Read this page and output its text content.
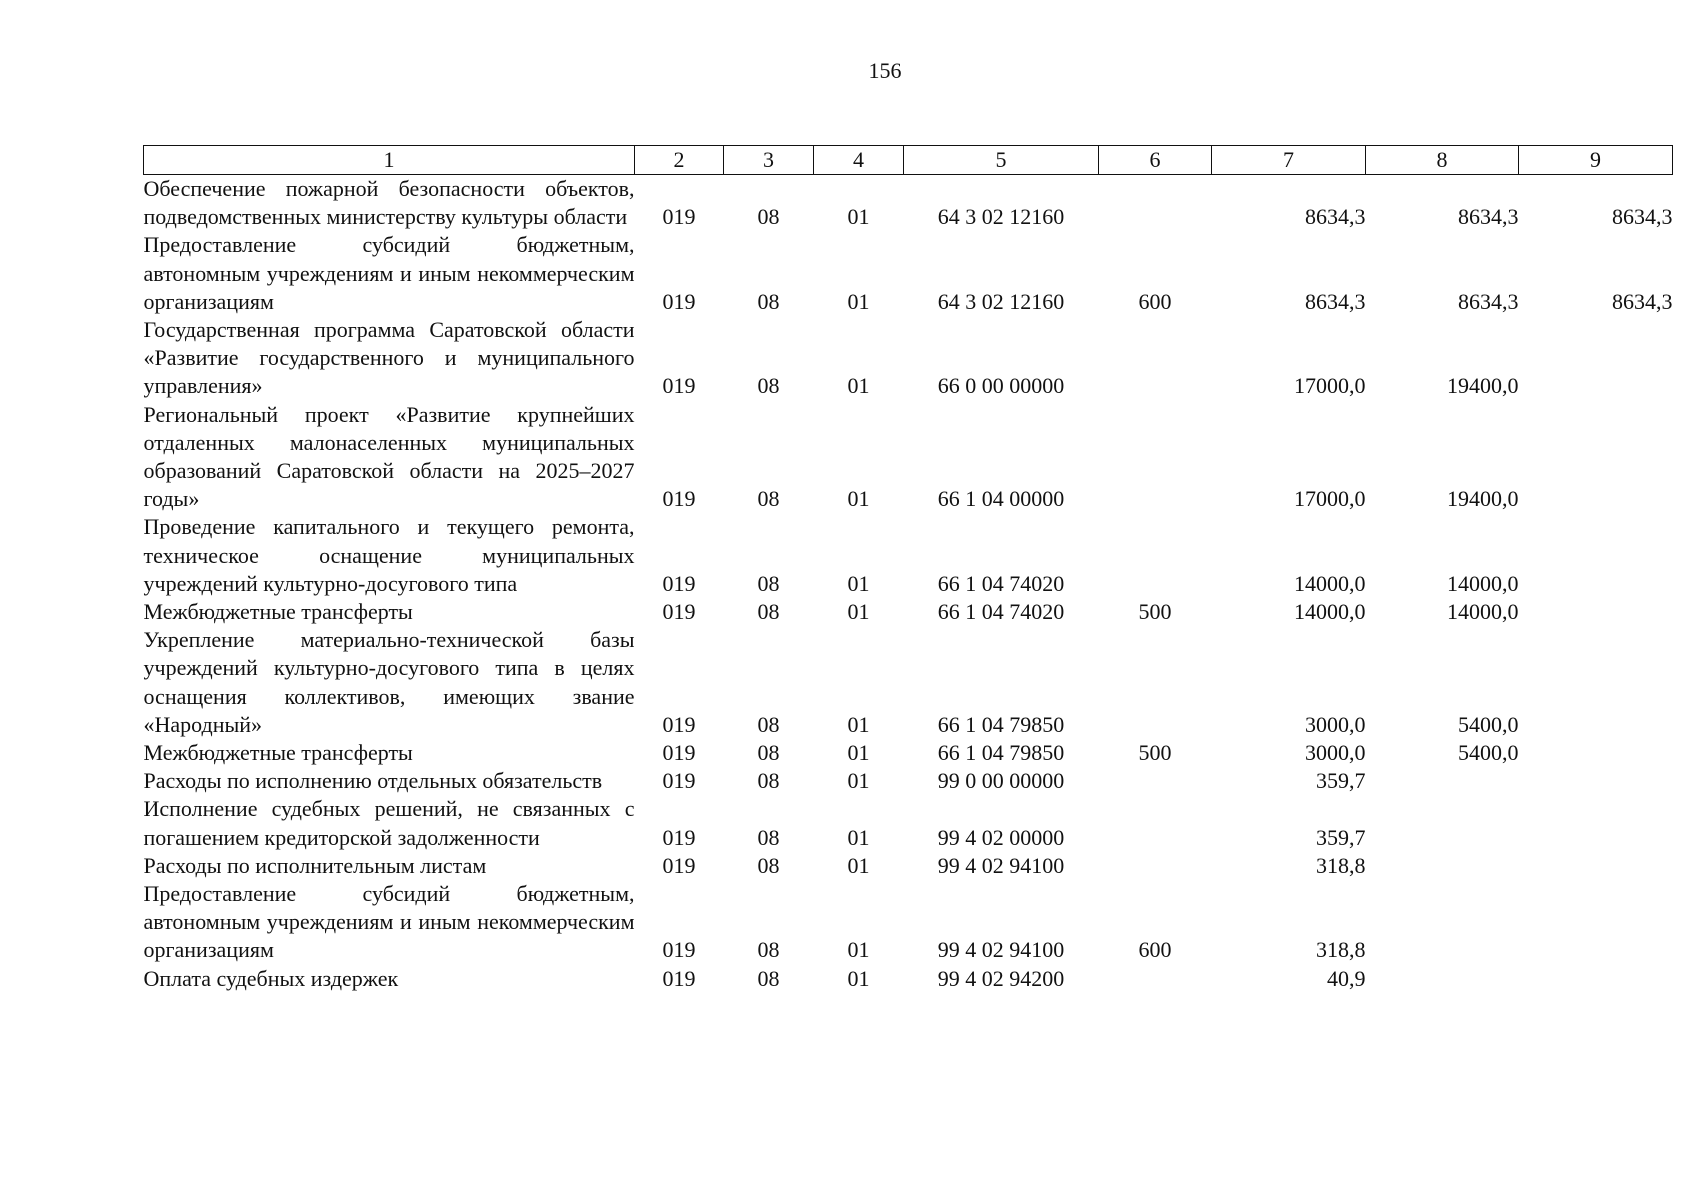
156
1	2	3	4	5	6	7	8	9
Обеспечение пожарной безопасности объектов, подведомственных министерству культуры области	019	08	01	64 3 02 12160		8634,3	8634,3	8634,3
Предоставление субсидий бюджетным, автономным учреждениям и иным некоммерческим организациям	019	08	01	64 3 02 12160	600	8634,3	8634,3	8634,3
Государственная программа Саратовской области «Развитие государственного и муниципального управления»	019	08	01	66 0 00 00000		17000,0	19400,0	
Региональный проект «Развитие крупнейших отдаленных малонаселенных муниципальных образований Саратовской области на 2025–2027 годы»	019	08	01	66 1 04 00000		17000,0	19400,0	
Проведение капитального и текущего ремонта, техническое оснащение муниципальных учреждений культурно-досугового типа	019	08	01	66 1 04 74020		14000,0	14000,0	
Межбюджетные трансферты	019	08	01	66 1 04 74020	500	14000,0	14000,0	
Укрепление материально-технической базы учреждений культурно-досугового типа в целях оснащения коллективов, имеющих звание «Народный»	019	08	01	66 1 04 79850		3000,0	5400,0	
Межбюджетные трансферты	019	08	01	66 1 04 79850	500	3000,0	5400,0	
Расходы по исполнению отдельных обязательств	019	08	01	99 0 00 00000		359,7		
Исполнение судебных решений, не связанных с погашением кредиторской задолженности	019	08	01	99 4 02 00000		359,7		
Расходы по исполнительным листам	019	08	01	99 4 02 94100		318,8		
Предоставление субсидий бюджетным, автономным учреждениям и иным некоммерческим организациям	019	08	01	99 4 02 94100	600	318,8		
Оплата судебных издержек	019	08	01	99 4 02 94200		40,9		
